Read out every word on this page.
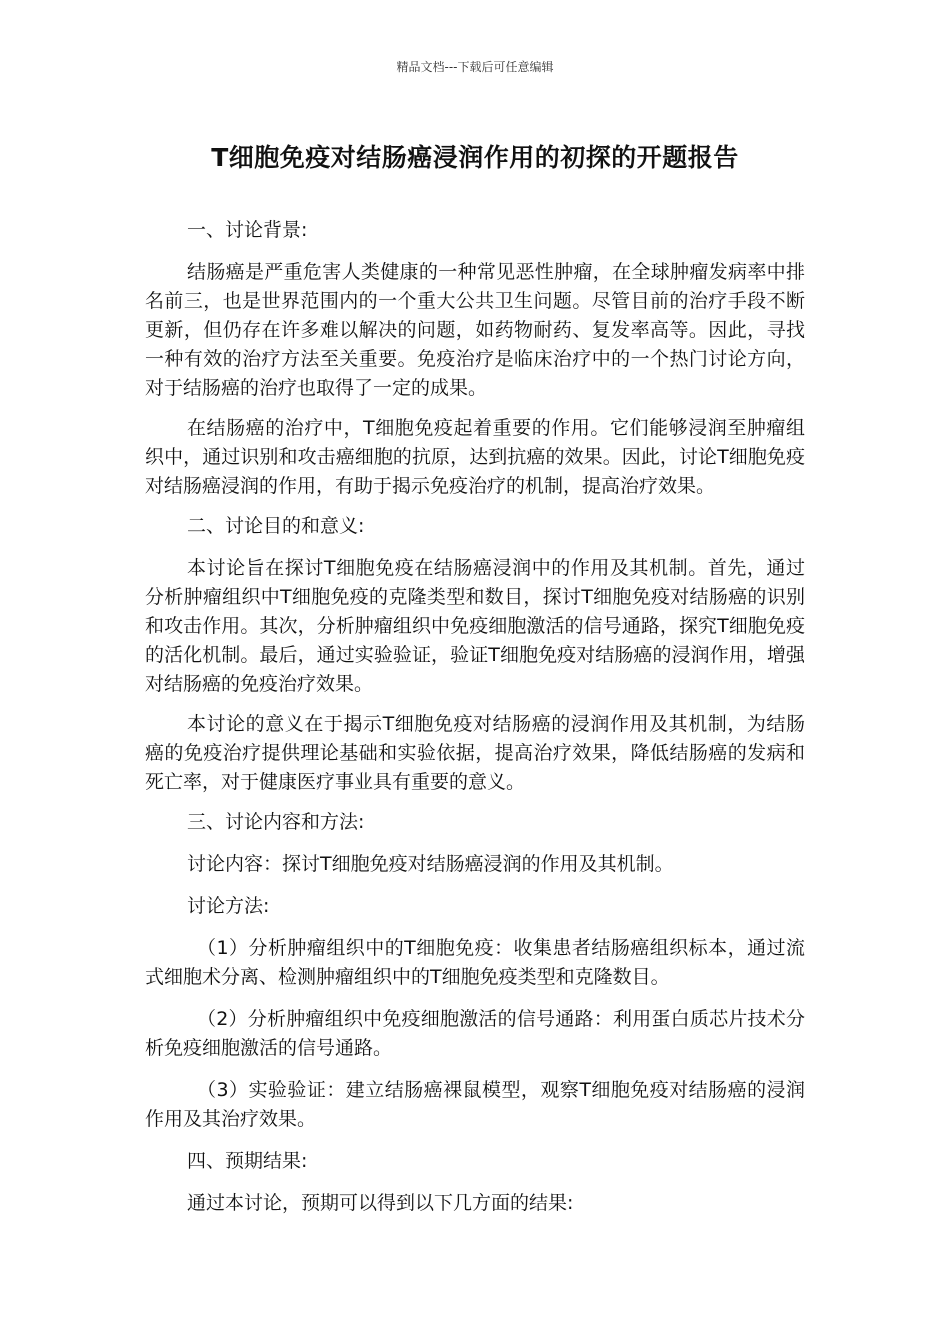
精品文档---下载后可任意编辑
T细胞免疫对结肠癌浸润作用的初探的开题报告

一、讨论背景:

结肠癌是严重危害人类健康的一种常见恶性肿瘤，在全球肿瘤发病率中排名前三，也是世界范围内的一个重大公共卫生问题。尽管目前的治疗手段不断更新，但仍存在许多难以解决的问题，如药物耐药、复发率高等。因此，寻找一种有效的治疗方法至关重要。免疫治疗是临床治疗中的一个热门讨论方向，对于结肠癌的治疗也取得了一定的成果。

在结肠癌的治疗中，T细胞免疫起着重要的作用。它们能够浸润至肿瘤组织中，通过识别和攻击癌细胞的抗原，达到抗癌的效果。因此，讨论T细胞免疫对结肠癌浸润的作用，有助于揭示免疫治疗的机制，提高治疗效果。

二、讨论目的和意义:

本讨论旨在探讨T细胞免疫在结肠癌浸润中的作用及其机制。首先，通过分析肿瘤组织中T细胞免疫的克隆类型和数目，探讨T细胞免疫对结肠癌的识别和攻击作用。其次，分析肿瘤组织中免疫细胞激活的信号通路，探究T细胞免疫的活化机制。最后，通过实验验证，验证T细胞免疫对结肠癌的浸润作用，增强对结肠癌的免疫治疗效果。

本讨论的意义在于揭示T细胞免疫对结肠癌的浸润作用及其机制，为结肠癌的免疫治疗提供理论基础和实验依据，提高治疗效果，降低结肠癌的发病和死亡率，对于健康医疗事业具有重要的意义。

三、讨论内容和方法:

讨论内容：探讨T细胞免疫对结肠癌浸润的作用及其机制。

讨论方法:

（1）分析肿瘤组织中的T细胞免疫：收集患者结肠癌组织标本，通过流式细胞术分离、检测肿瘤组织中的T细胞免疫类型和克隆数目。

（2）分析肿瘤组织中免疫细胞激活的信号通路：利用蛋白质芯片技术分析免疫细胞激活的信号通路。

（3）实验验证：建立结肠癌裸鼠模型，观察T细胞免疫对结肠癌的浸润作用及其治疗效果。

四、预期结果:

通过本讨论，预期可以得到以下几方面的结果:
